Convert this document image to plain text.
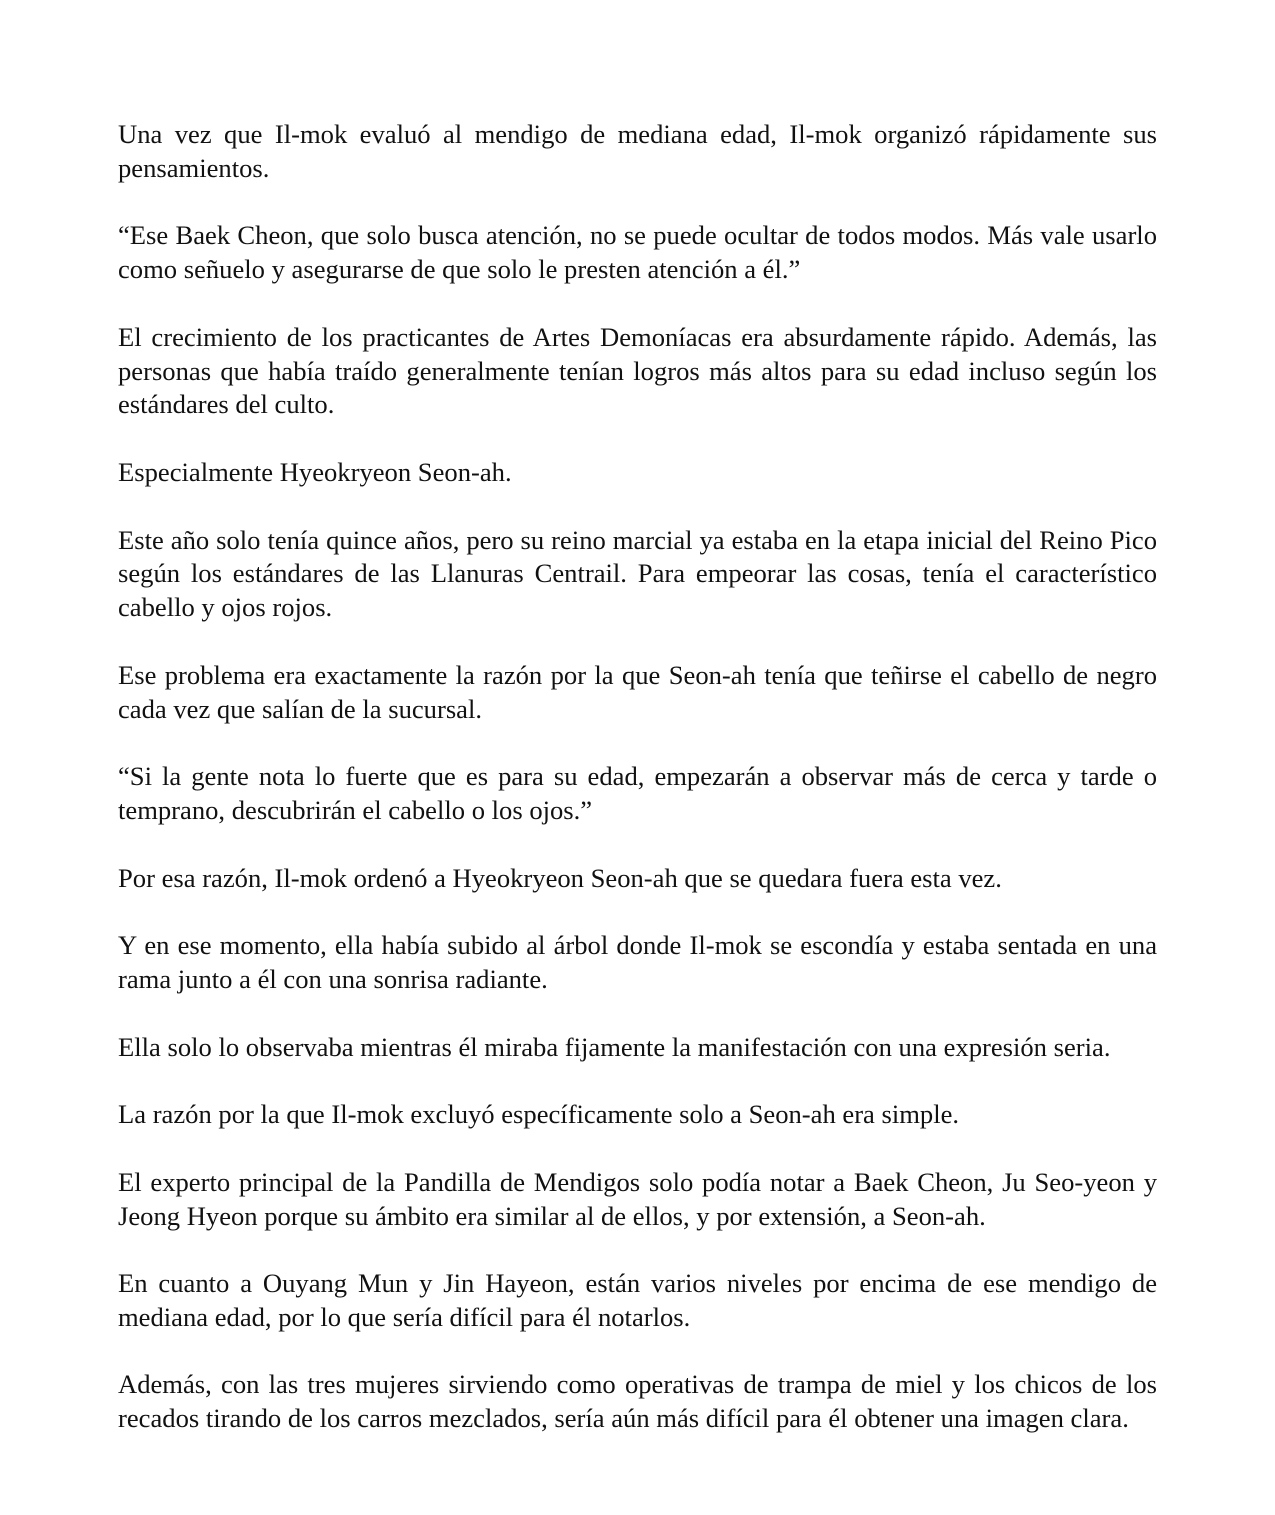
Una vez que Il-mok evaluó al mendigo de mediana edad, Il-mok organizó rápidamente sus pensamientos.

“Ese Baek Cheon, que solo busca atención, no se puede ocultar de todos modos. Más vale usarlo como señuelo y asegurarse de que solo le presten atención a él.”

El crecimiento de los practicantes de Artes Demoníacas era absurdamente rápido. Además, las personas que había traído generalmente tenían logros más altos para su edad incluso según los estándares del culto.

Especialmente Hyeokryeon Seon-ah.

Este año solo tenía quince años, pero su reino marcial ya estaba en la etapa inicial del Reino Pico según los estándares de las Llanuras Centrail. Para empeorar las cosas, tenía el característico cabello y ojos rojos.

Ese problema era exactamente la razón por la que Seon-ah tenía que teñirse el cabello de negro cada vez que salían de la sucursal.

“Si la gente nota lo fuerte que es para su edad, empezarán a observar más de cerca y tarde o temprano, descubrirán el cabello o los ojos.”

Por esa razón, Il-mok ordenó a Hyeokryeon Seon-ah que se quedara fuera esta vez.

Y en ese momento, ella había subido al árbol donde Il-mok se escondía y estaba sentada en una rama junto a él con una sonrisa radiante.

Ella solo lo observaba mientras él miraba fijamente la manifestación con una expresión seria.

La razón por la que Il-mok excluyó específicamente solo a Seon-ah era simple.

El experto principal de la Pandilla de Mendigos solo podía notar a Baek Cheon, Ju Seo-yeon y Jeong Hyeon porque su ámbito era similar al de ellos, y por extensión, a Seon-ah.

En cuanto a Ouyang Mun y Jin Hayeon, están varios niveles por encima de ese mendigo de mediana edad, por lo que sería difícil para él notarlos.

Además, con las tres mujeres sirviendo como operativas de trampa de miel y los chicos de los recados tirando de los carros mezclados, sería aún más difícil para él obtener una imagen clara.
